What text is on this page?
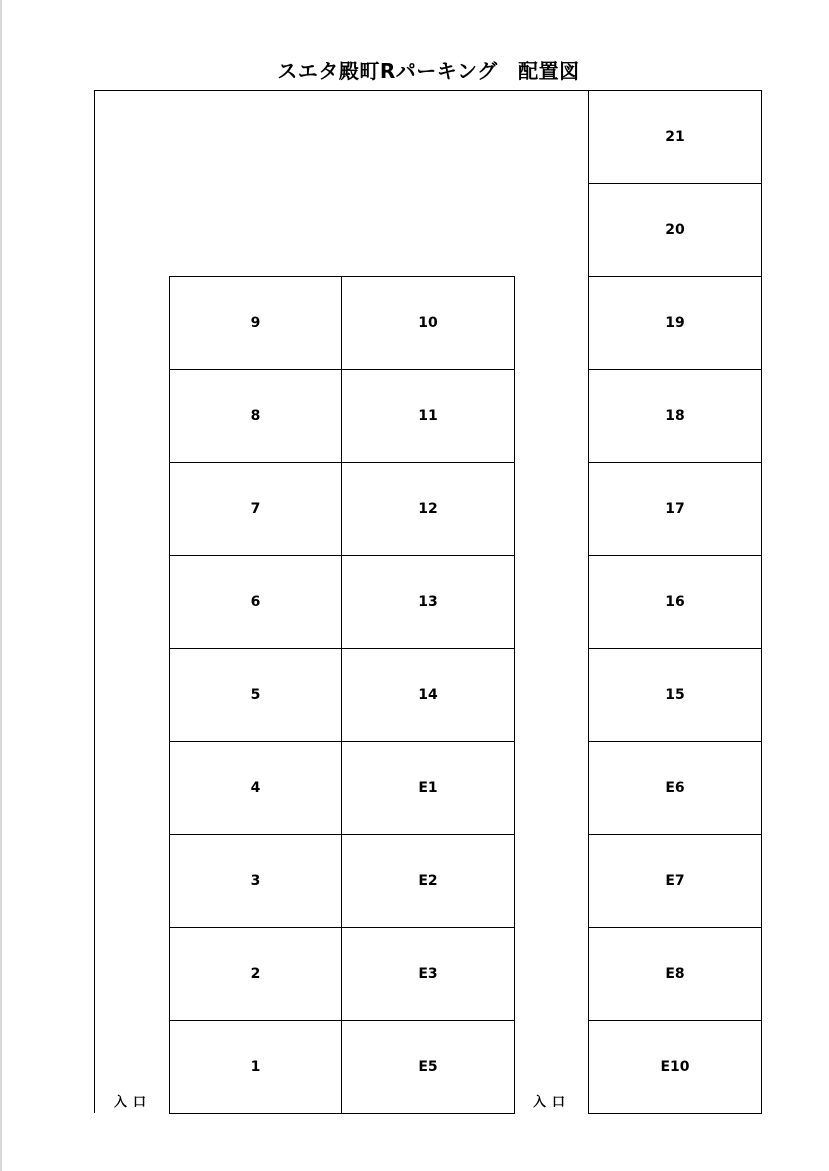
スエタ殿町Rパーキング　配置図
9
8
7
6
5
4
3
2
1
10
11
12
13
14
E1
E2
E3
E5
21
20
19
18
17
16
15
E6
E7
E8
E10
入口	入口
